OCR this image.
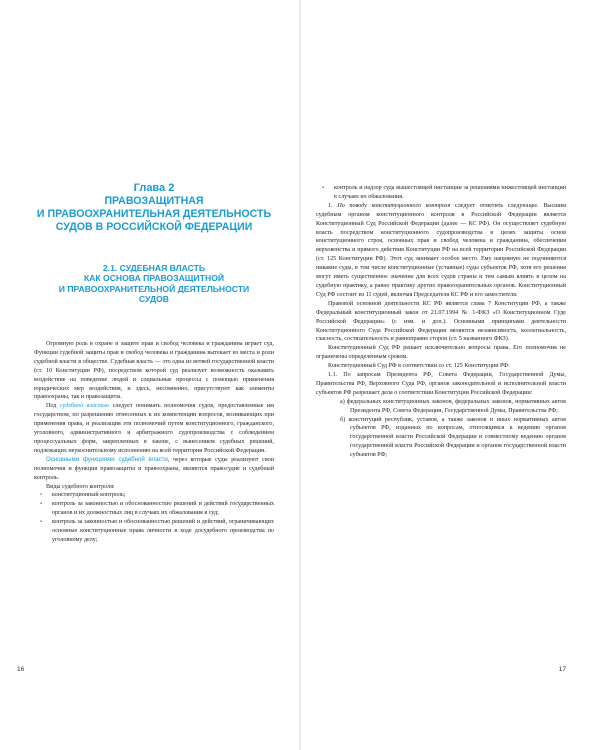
Глава 2
ПРАВОЗАЩИТНАЯ
И ПРАВООХРАНИТЕЛЬНАЯ ДЕЯТЕЛЬНОСТЬ
СУДОВ В РОССИЙСКОЙ ФЕДЕРАЦИИ
2.1. СУДЕБНАЯ ВЛАСТЬ
КАК ОСНОВА ПРАВОЗАЩИТНОЙ
И ПРАВООХРАНИТЕЛЬНОЙ ДЕЯТЕЛЬНОСТИ
СУДОВ

Огромную роль в охране и защите прав и свобод человека и гражданина играет суд. Функции судебной защиты прав и свобод человека и гражданина вытекает из места и роли судебной власти в обществе. Судебная власть — это одна из ветвей государственной власти (ст. 10 Конституции РФ), посредством которой суд реализует возможность оказывать воздействие на поведение людей и социальные процессы с помощью применения юридических мер воздействия, и здесь, несомненно, присутствуют как элементы правоохраны, так и правозащиты.

Под судебной властью следует понимать полномочия судов, предоставленные им государством, по разрешению отнесенных к их компетенции вопросов, возникающих при применения права, и реализация эти полномочий путем конституционного, гражданского, уголовного, административного и арбитражного судопроизводства с соблюдением процессуальных форм, закрепленных в законе, с вынесением судебных решений, подлежащих неукоснительному исполнению на всей территории Российской Федерации.

Основными функциями судебной власти, через которые суды реализуют свои полномочия и функция правозащиты и правоохраны, являются правосудие и судебный контроль.

Виды судебного контроля:

▪ конституционный контроль;
▪ контроль за законностью и обоснованностью решений и действий государственных органов и их должностных лиц в случаях их обжалования в суд;
▪ контроль за законностью и обоснованностью решений и действий, ограничивающих основные конституционные права личности в ходе досудебного производства по уголовному делу;
16
▪ контроль и надзор суда вышестоящей инстанции за решениями нижестоящей инстанции в случаях их обжалования.

1. По поводу конституционного контроля следует отметить следующее. Высшим судебным органом конституционного контроля в Российской Федерации является Конституционный Суд Российской Федерации (далее — КС РФ). Он осуществляет судебную власть посредством конституционного судопроизводства в целях защиты основ конституционного строя, основных прав и свобод человека и гражданина, обеспечения верховенства и прямого действия Конституции РФ на всей территории Российской Федерации (ст. 125 Конституции РФ). Этот суд занимает особое место. Ему напрямую не подчиняются никакие суды, в том числе конституционные (уставные) суды субъектов РФ, хотя его решения могут иметь существенное значение для всех судов страны и тем самым влиять в целом на судебную практику, а равно практику других правоохранительных органов. Конституционный Суд РФ состоит из 11 судей, включая Председателя КС РФ и его заместителя.

Правовой основной деятельности КС РФ является глава 7 Конституции РФ, а также Федеральный конституционный закон от 21.07.1994 № 1-ФКЗ «О Конституционном Суде Российской Федерации» (с изм. и доп.). Основными принципами деятельности Конституционного Суда Российской Федерации являются независимость, коллегиальность, гласность, состязательность и равноправие сторон (ст. 5 названного ФКЗ).

Конституционный Суд РФ решает исключительно вопросы права. Его полномочия не ограничены определенным сроком.

Конституционный Суд РФ в соответствии со ст. 125 Конституции РФ:

1.1. По запросам Президента РФ, Совета Федерации, Государственной Думы, Правительства РФ, Верховного Суда РФ, органов законодательной и исполнительной власти субъектов РФ разрешает дела о соответствии Конституции Российской Федерации:

а) федеральных конституционных законов, федеральных законов, нормативных актов Президента РФ, Совета Федерации, Государственной Думы, Правительства РФ;

б) конституций республик, уставов, а также законов и иных нормативных актов субъектов РФ, изданных по вопросам, относящимся к ведению органов государственной власти Российской Федерации и совместному ведению органов государственной власти Российской Федерации и органов государственной власти субъектов РФ;

17
